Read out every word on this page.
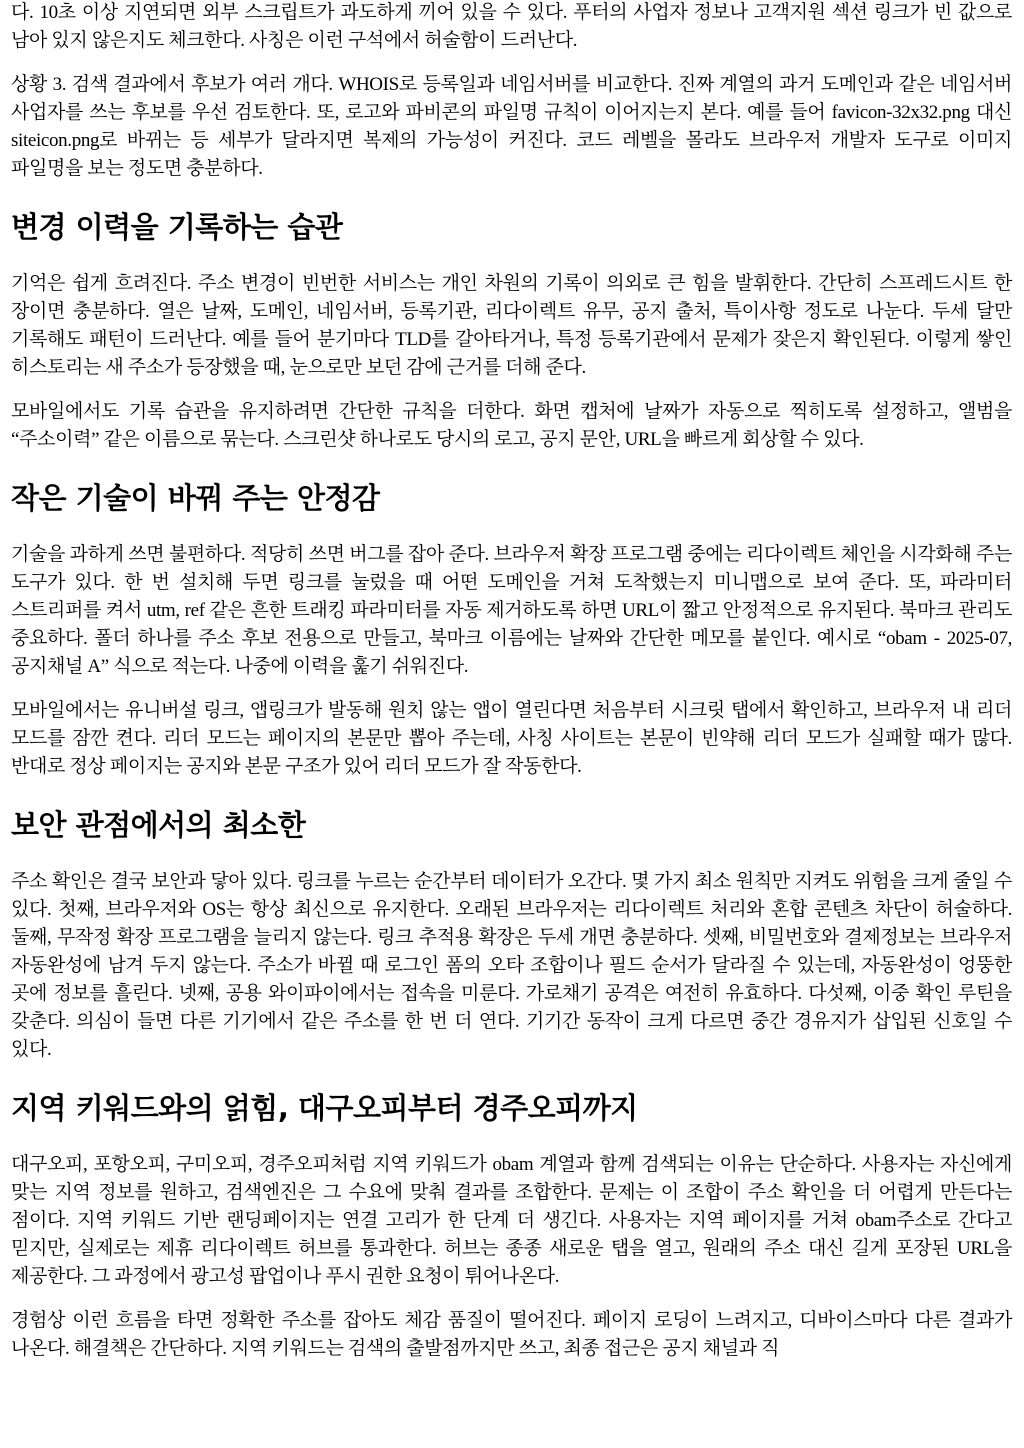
다. 10초 이상 지연되면 외부 스크립트가 과도하게 끼어 있을 수 있다. 푸터의 사업자 정보나 고객지원 섹션 링크가 빈 값으로 남아 있지 않은지도 체크한다. 사칭은 이런 구석에서 허술함이 드러난다.

상황 3. 검색 결과에서 후보가 여러 개다. WHOIS로 등록일과 네임서버를 비교한다. 진짜 계열의 과거 도메인과 같은 네임서버 사업자를 쓰는 후보를 우선 검토한다. 또, 로고와 파비콘의 파일명 규칙이 이어지는지 본다. 예를 들어 favicon-32x32.png 대신 siteicon.png로 바뀌는 등 세부가 달라지면 복제의 가능성이 커진다. 코드 레벨을 몰라도 브라우저 개발자 도구로 이미지 파일명을 보는 정도면 충분하다.

변경 이력을 기록하는 습관

기억은 쉽게 흐려진다. 주소 변경이 빈번한 서비스는 개인 차원의 기록이 의외로 큰 힘을 발휘한다. 간단히 스프레드시트 한 장이면 충분하다. 열은 날짜, 도메인, 네임서버, 등록기관, 리다이렉트 유무, 공지 출처, 특이사항 정도로 나눈다. 두세 달만 기록해도 패턴이 드러난다. 예를 들어 분기마다 TLD를 갈아타거나, 특정 등록기관에서 문제가 잦은지 확인된다. 이렇게 쌓인 히스토리는 새 주소가 등장했을 때, 눈으로만 보던 감에 근거를 더해 준다.

모바일에서도 기록 습관을 유지하려면 간단한 규칙을 더한다. 화면 캡처에 날짜가 자동으로 찍히도록 설정하고, 앨범을 “주소이력” 같은 이름으로 묶는다. 스크린샷 하나로도 당시의 로고, 공지 문안, URL을 빠르게 회상할 수 있다.

작은 기술이 바꿔 주는 안정감

기술을 과하게 쓰면 불편하다. 적당히 쓰면 버그를 잡아 준다. 브라우저 확장 프로그램 중에는 리다이렉트 체인을 시각화해 주는 도구가 있다. 한 번 설치해 두면 링크를 눌렀을 때 어떤 도메인을 거쳐 도착했는지 미니맵으로 보여 준다. 또, 파라미터 스트리퍼를 켜서 utm, ref 같은 흔한 트래킹 파라미터를 자동 제거하도록 하면 URL이 짧고 안정적으로 유지된다. 북마크 관리도 중요하다. 폴더 하나를 주소 후보 전용으로 만들고, 북마크 이름에는 날짜와 간단한 메모를 붙인다. 예시로 “obam - 2025-07, 공지채널 A” 식으로 적는다. 나중에 이력을 훑기 쉬워진다.

모바일에서는 유니버설 링크, 앱링크가 발동해 원치 않는 앱이 열린다면 처음부터 시크릿 탭에서 확인하고, 브라우저 내 리더 모드를 잠깐 켠다. 리더 모드는 페이지의 본문만 뽑아 주는데, 사칭 사이트는 본문이 빈약해 리더 모드가 실패할 때가 많다. 반대로 정상 페이지는 공지와 본문 구조가 있어 리더 모드가 잘 작동한다.

보안 관점에서의 최소한

주소 확인은 결국 보안과 닿아 있다. 링크를 누르는 순간부터 데이터가 오간다. 몇 가지 최소 원칙만 지켜도 위험을 크게 줄일 수 있다. 첫째, 브라우저와 OS는 항상 최신으로 유지한다. 오래된 브라우저는 리다이렉트 처리와 혼합 콘텐츠 차단이 허술하다. 둘째, 무작정 확장 프로그램을 늘리지 않는다. 링크 추적용 확장은 두세 개면 충분하다. 셋째, 비밀번호와 결제정보는 브라우저 자동완성에 남겨 두지 않는다. 주소가 바뀔 때 로그인 폼의 오타 조합이나 필드 순서가 달라질 수 있는데, 자동완성이 엉뚱한 곳에 정보를 흘린다. 넷째, 공용 와이파이에서는 접속을 미룬다. 가로채기 공격은 여전히 유효하다. 다섯째, 이중 확인 루틴을 갖춘다. 의심이 들면 다른 기기에서 같은 주소를 한 번 더 연다. 기기간 동작이 크게 다르면 중간 경유지가 삽입된 신호일 수 있다.

지역 키워드와의 얽힘, 대구오피부터 경주오피까지

대구오피, 포항오피, 구미오피, 경주오피처럼 지역 키워드가 obam 계열과 함께 검색되는 이유는 단순하다. 사용자는 자신에게 맞는 지역 정보를 원하고, 검색엔진은 그 수요에 맞춰 결과를 조합한다. 문제는 이 조합이 주소 확인을 더 어렵게 만든다는 점이다. 지역 키워드 기반 랜딩페이지는 연결 고리가 한 단계 더 생긴다. 사용자는 지역 페이지를 거쳐 obam주소로 간다고 믿지만, 실제로는 제휴 리다이렉트 허브를 통과한다. 허브는 종종 새로운 탭을 열고, 원래의 주소 대신 길게 포장된 URL을 제공한다. 그 과정에서 광고성 팝업이나 푸시 권한 요청이 튀어나온다.

경험상 이런 흐름을 타면 정확한 주소를 잡아도 체감 품질이 떨어진다. 페이지 로딩이 느려지고, 디바이스마다 다른 결과가 나온다. 해결책은 간단하다. 지역 키워드는 검색의 출발점까지만 쓰고, 최종 접근은 공지 채널과 직
